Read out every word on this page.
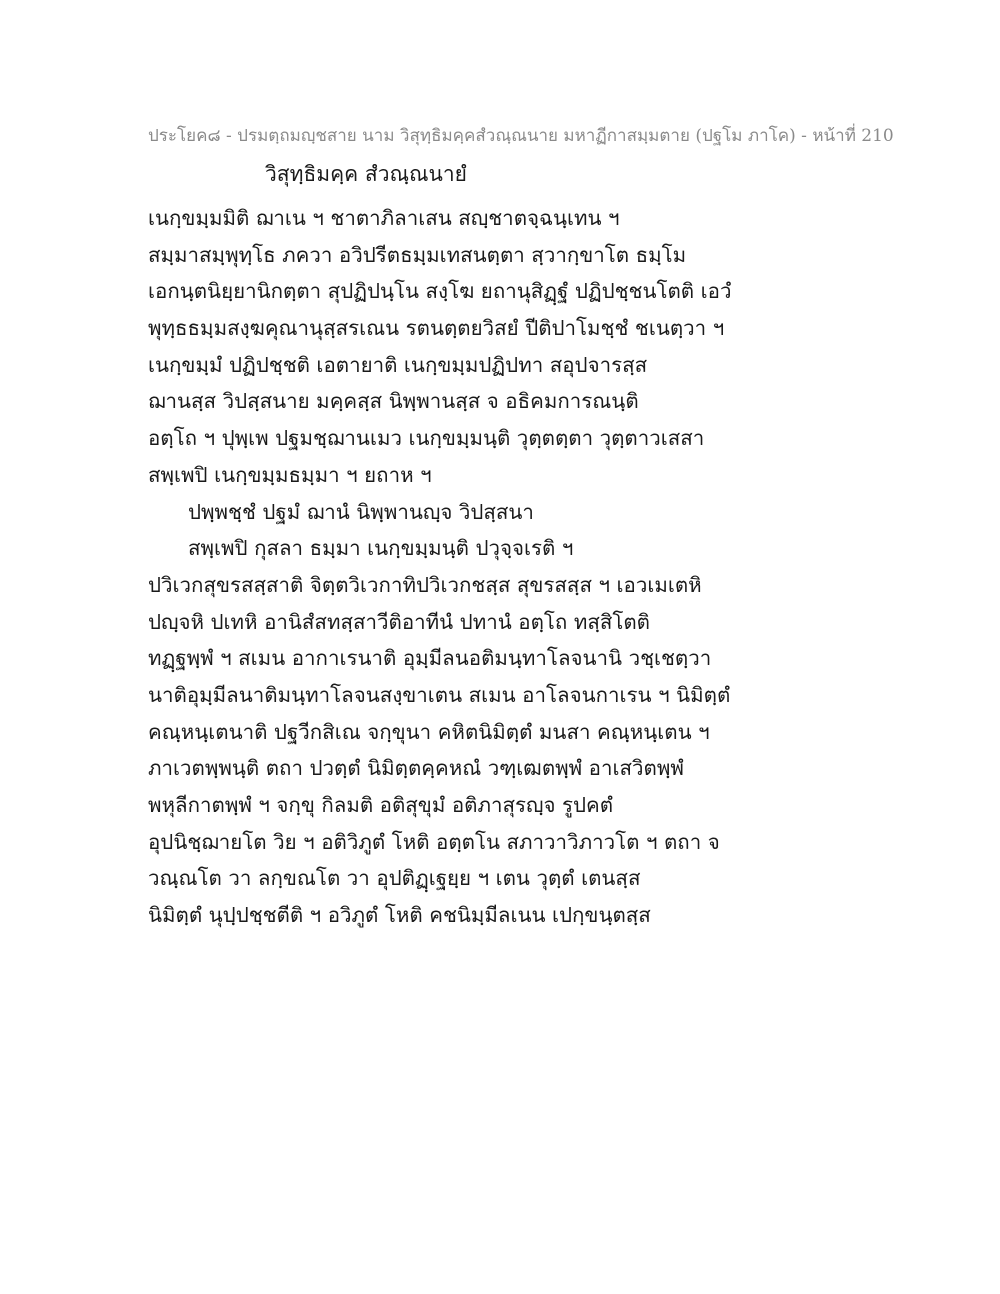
ประโยค๘ - ปรมตฺถมญฺชสาย นาม วิสุทฺธิมคฺคสํวณฺณนาย มหาฏีกาสมฺมตาย (ปฐโม ภาโค) - หน้าที่ 210
วิสุทฺธิมคฺค สํวณฺณนายํ
เนกฺขมฺมมิติ ฌาเน ฯ ชาตาภิลาเสน สญฺชาตจฺฉนฺเทน ฯ
สมฺมาสมฺพุทฺโธ ภควา อวิปรีตธมฺมเทสนตฺตา สฺวากฺขาโต ธมฺโม
เอกนฺตนิยฺยานิกตฺตา สุปฏิปนฺโน สงฺโฆ ยถานุสิฏฺฐํ ปฏิปชฺชนโตติ เอวํ
พุทฺธธมฺมสงฺฆคุณานุสฺสรเณน รตนตฺตยวิสยํ ปีติปาโมชฺชํ ชเนตฺวา ฯ
เนกฺขมฺมํ ปฏิปชฺชติ เอตายาติ เนกฺขมฺมปฏิปทา สอุปจารสฺส
ฌานสฺส วิปสฺสนาย มคฺคสฺส นิพฺพานสฺส จ อธิคมการณนฺติ
อตฺโถ ฯ ปุพฺเพ ปฐมชฺฌานเมว เนกฺขมฺมนฺติ วุตฺตตฺตา วุตฺตาวเสสา
สพฺเพปิ เนกฺขมฺมธมฺมา ฯ ยถาห ฯ
ปพฺพชฺชํ ปฐมํ ฌานํ นิพฺพานญฺจ วิปสฺสนา
สพฺเพปิ กุสลา ธมฺมา เนกฺขมฺมนฺติ ปวุจฺจเรติ ฯ
ปวิเวกสุขรสสฺสาติ จิตฺตวิเวกาทิปวิเวกชสฺส สุขรสสฺส ฯ เอวเมเตหิ
ปญฺจหิ ปเทหิ อานิสํสทสฺสาวีติอาทีนํ ปทานํ อตฺโถ ทสฺสิโตติ
ทฏฺฐพฺพํ ฯ สเมน อากาเรนาติ อุมฺมีลนอติมนฺทาโลจนานิ วชฺเชตฺวา
นาติอุมฺมีลนาติมนฺทาโลจนสงฺขาเตน สเมน อาโลจนกาเรน ฯ นิมิตฺตํ
คณฺหนฺเตนาติ ปฐวีกสิเณ จกฺขุนา คหิตนิมิตฺตํ มนสา คณฺหนฺเตน ฯ
ภาเวตพฺพนฺติ ตถา ปวตฺตํ นิมิตฺตคฺคหณํ วฑฺเฒตพฺพํ อาเสวิตพฺพํ
พหุลีกาตพฺพํ ฯ จกฺขุ กิลมติ อติสุขุมํ อติภาสุรญฺจ รูปคตํ
อุปนิชฺฌายโต วิย ฯ อติวิภูตํ โหติ อตฺตโน สภาวาวิภาวโต ฯ ตถา จ
วณฺณโต วา ลกฺขณโต วา อุปติฏฺเฐยฺย ฯ เตน วุตฺตํ เตนสฺส
นิมิตฺตํ นุปฺปชฺชตีติ ฯ อวิภูตํ โหติ คชนิมฺมีลเนน เปกฺขนฺตสฺส
